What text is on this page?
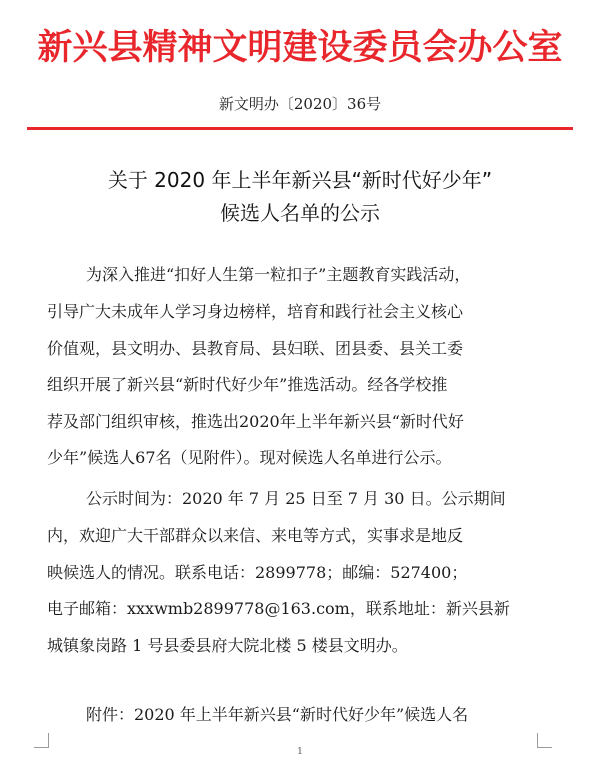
新兴县精神文明建设委员会办公室
新文明办〔2020〕36号
关于 2020 年上半年新兴县“新时代好少年”
候选人名单的公示
为深入推进“扣好人生第一粒扣子”主题教育实践活动，
引导广大未成年人学习身边榜样，培育和践行社会主义核心
价值观，县文明办、县教育局、县妇联、团县委、县关工委
组织开展了新兴县“新时代好少年”推选活动。经各学校推
荐及部门组织审核，推选出2020年上半年新兴县“新时代好
少年”候选人67名（见附件）。现对候选人名单进行公示。
公示时间为：2020 年 7 月 25 日至 7 月 30 日。公示期间
内，欢迎广大干部群众以来信、来电等方式，实事求是地反
映候选人的情况。联系电话：2899778；邮编：527400；
电子邮箱：xxxwmb2899778@163.com，联系地址：新兴县新
城镇象岗路 1 号县委县府大院北楼 5 楼县文明办。
附件：2020 年上半年新兴县“新时代好少年”候选人名
1
